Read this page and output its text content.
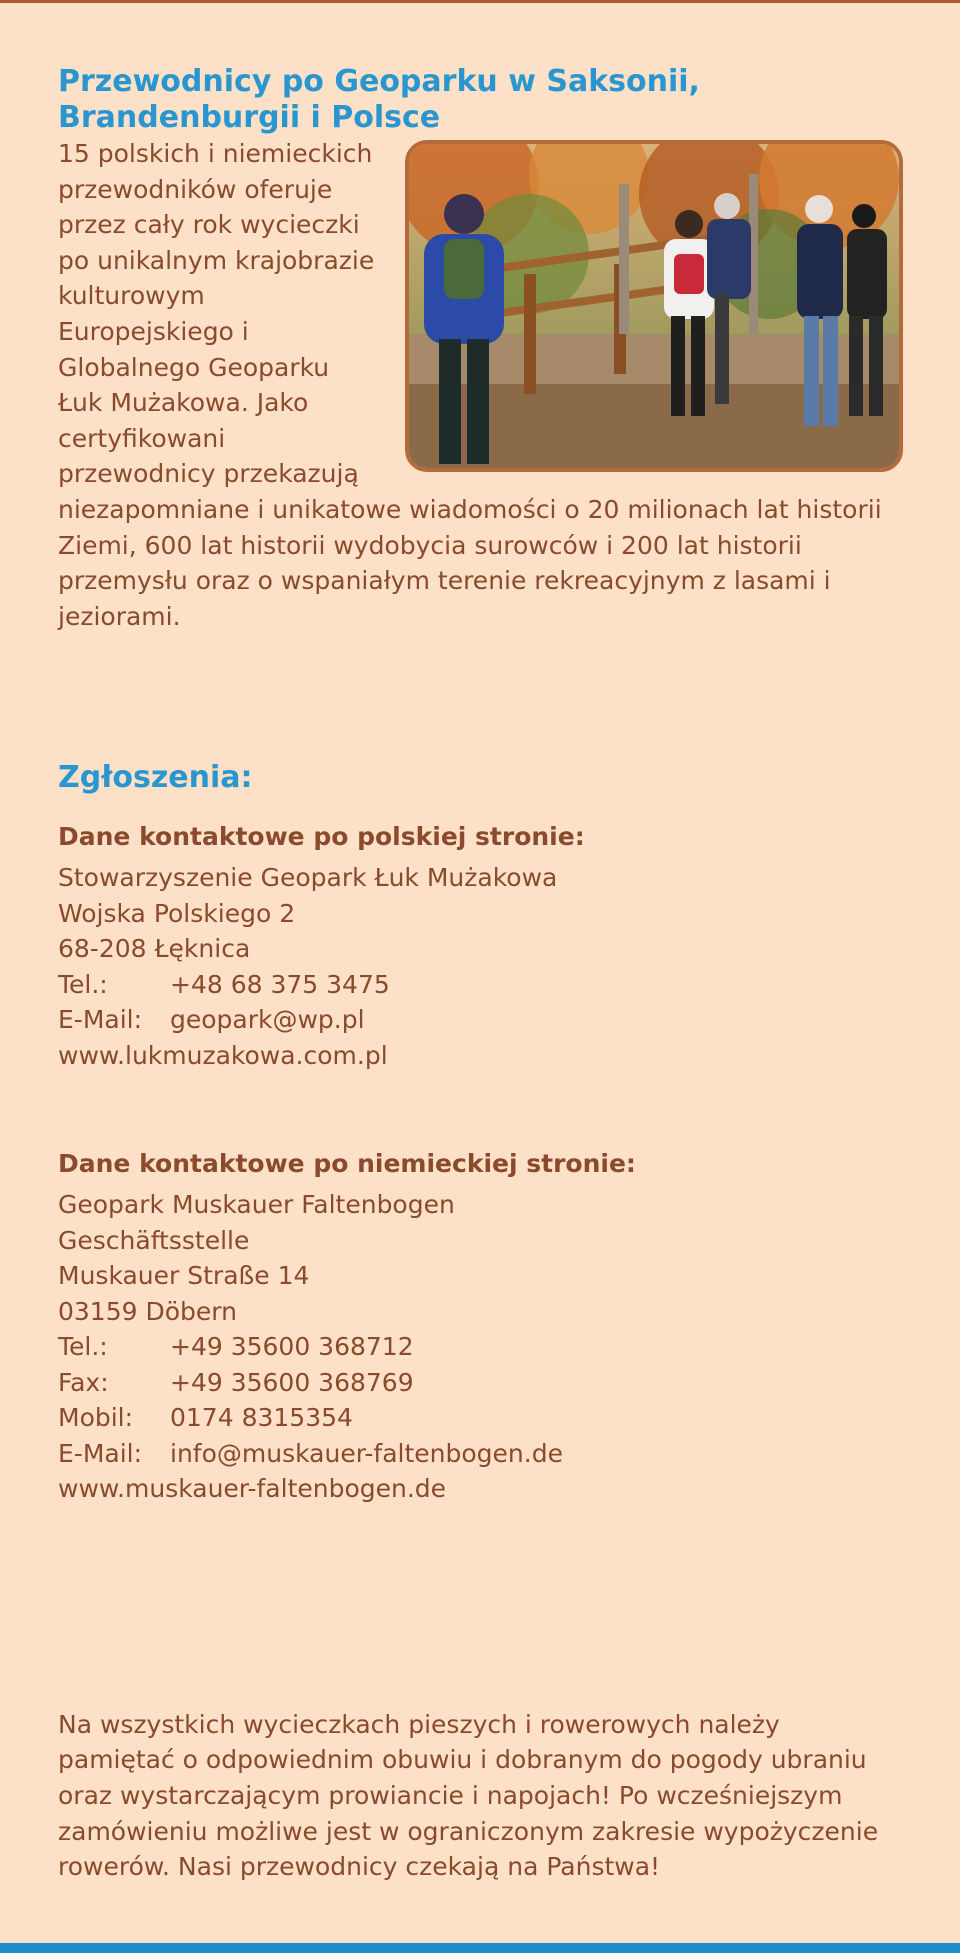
Przewodnicy po Geoparku w Saksonii, Brandenburgii i Polsce

15 polskich i niemieckich przewodników oferuje przez cały rok wycieczki po unikalnym krajobrazie kulturowym Europejskiego i Globalnego Geoparku Łuk Mużakowa. Jako certyfikowani przewodnicy przekazują niezapomniane i unikatowe wiadomości o 20 milionach lat historii Ziemi, 600 lat historii wydobycia surowców i 200 lat historii przemysłu oraz o wspaniałym terenie rekreacyjnym z lasami i jeziorami.

Zgłoszenia:
Dane kontaktowe po polskiej stronie:
Stowarzyszenie Geopark Łuk Mużakowa
Wojska Polskiego 2
68-208 Łęknica
Tel.:	+48 68 375 3475
E-Mail:	geopark@wp.pl
www.lukmuzakowa.com.pl
Dane kontaktowe po niemieckiej stronie:
Geopark Muskauer Faltenbogen
Geschäftsstelle
Muskauer Straße 14
03159 Döbern
Tel.:	+49 35600 368712
Fax:	+49 35600 368769
Mobil:	0174 8315354
E-Mail:	info@muskauer-faltenbogen.de
www.muskauer-faltenbogen.de

Na wszystkich wycieczkach pieszych i rowerowych należy pamiętać o odpowiednim obuwiu i dobranym do pogody ubraniu oraz wystarczającym prowiancie i napojach! Po wcześniejszym zamówieniu możliwe jest w ograniczonym zakresie wypożyczenie rowerów. Nasi przewodnicy czekają na Państwa!
